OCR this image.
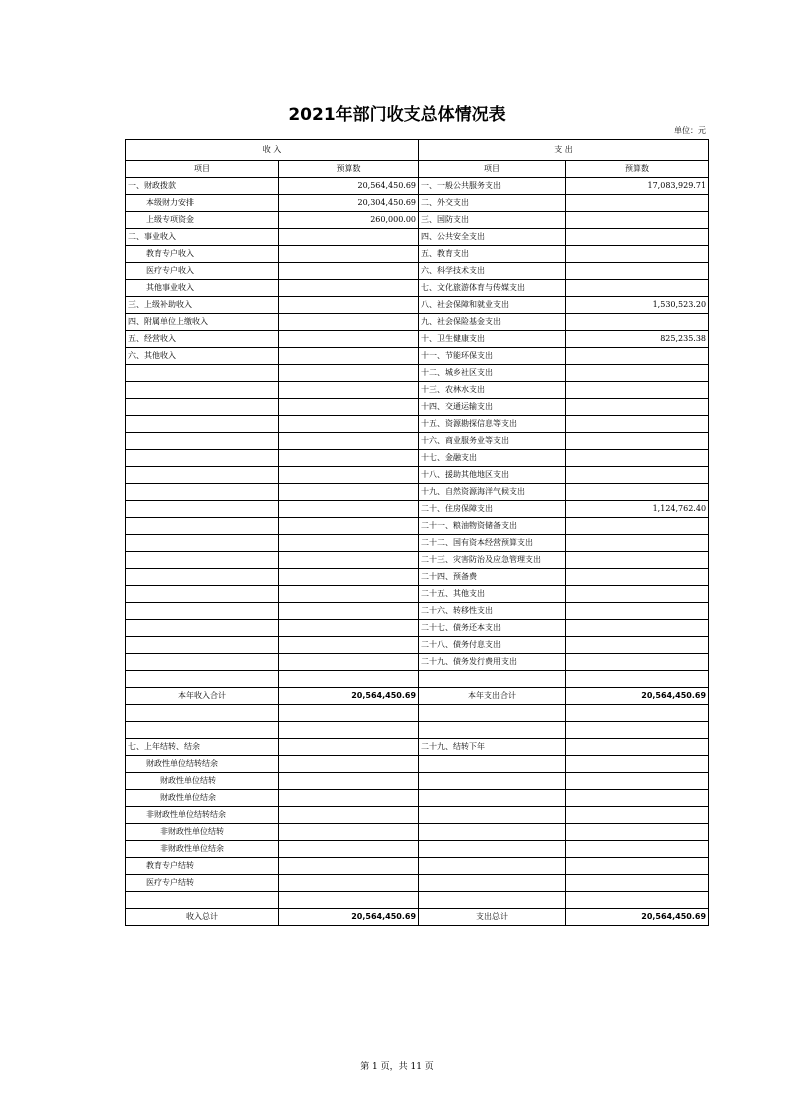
2021年部门收支总体情况表
单位：元
收 入		支 出	
项目	预算数	项目	预算数
一、财政拨款	20,564,450.69	一、一般公共服务支出	17,083,929.71
本级财力安排	20,304,450.69	二、外交支出	
上级专项资金	260,000.00	三、国防支出	
二、事业收入		四、公共安全支出	
教育专户收入		五、教育支出	
医疗专户收入		六、科学技术支出	
其他事业收入		七、文化旅游体育与传媒支出	
三、上级补助收入		八、社会保障和就业支出	1,530,523.20
四、附属单位上缴收入		九、社会保险基金支出	
五、经营收入		十、卫生健康支出	825,235.38
六、其他收入		十一、节能环保支出	
		十二、城乡社区支出	
		十三、农林水支出	
		十四、交通运输支出	
		十五、资源勘探信息等支出	
		十六、商业服务业等支出	
		十七、金融支出	
		十八、援助其他地区支出	
		十九、自然资源海洋气候支出	
		二十、住房保障支出	1,124,762.40
		二十一、粮油物资储备支出	
		二十二、国有资本经营预算支出	
		二十三、灾害防治及应急管理支出	
		二十四、预备费	
		二十五、其他支出	
		二十六、转移性支出	
		二十七、债务还本支出	
		二十八、债务付息支出	
		二十九、债务发行费用支出	

本年收入合计	20,564,450.69	本年支出合计	20,564,450.69

七、上年结转、结余		二十九、结转下年	
财政性单位结转结余			
财政性单位结转			
财政性单位结余			
非财政性单位结转结余			
非财政性单位结转			
非财政性单位结余			
教育专户结转			
医疗专户结转			

收入总计	20,564,450.69	支出总计	20,564,450.69
第 1 页，共 11 页
